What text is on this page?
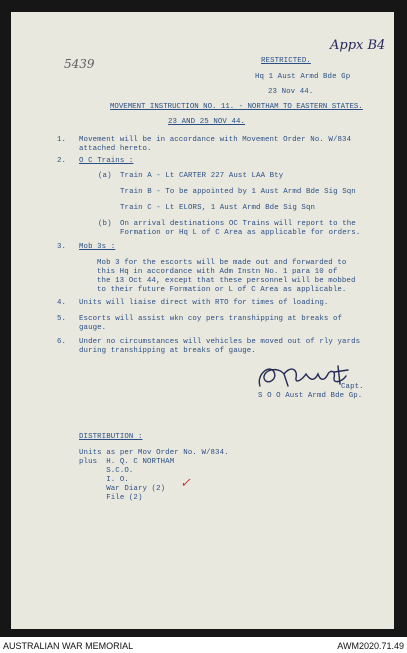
Appx B4
5439	RESTRICTED.
Hq 1 Aust Armd Bde Gp
23 Nov 44.
MOVEMENT INSTRUCTION NO. 11. - NORTHAM TO EASTERN STATES.
23 AND 25 NOV 44.
1. Movement will be in accordance with Movement Order No. W/834
attached hereto.
2. O C Trains :
(a) Train A - Lt CARTER 227 Aust LAA Bty
Train B - To be appointed by 1 Aust Armd Bde Sig Sqn
Train C - Lt ELORS, 1 Aust Armd Bde Sig Sqn
(b) On arrival destinations OC Trains will report to the
Formation or Hq L of C Area as applicable for orders.
3. Mob 3s :
Mob 3 for the escorts will be made out and forwarded to
this Hq in accordance with Adm Instn No. 1 para 10 of
the 13 Oct 44, except that these personnel will be mobbed
to their future Formation or L of C Area as applicable.
4. Units will liaise direct with RTO for times of loading.
5. Escorts will assist wkn coy pers transhipping at breaks of
gauge.
6. Under no circumstances will vehicles be moved out of rly yards
during transhipping at breaks of gauge.
Capt.
S O O Aust Armd Bde Gp.
DISTRIBUTION :
Units as per Mov Order No. W/834.
plus  H. Q. C NORTHAM
S.C.O.
I. O.
War Diary (2)
File (2)
✓
AUSTRALIAN WAR MEMORIAL	AWM2020.71.49
